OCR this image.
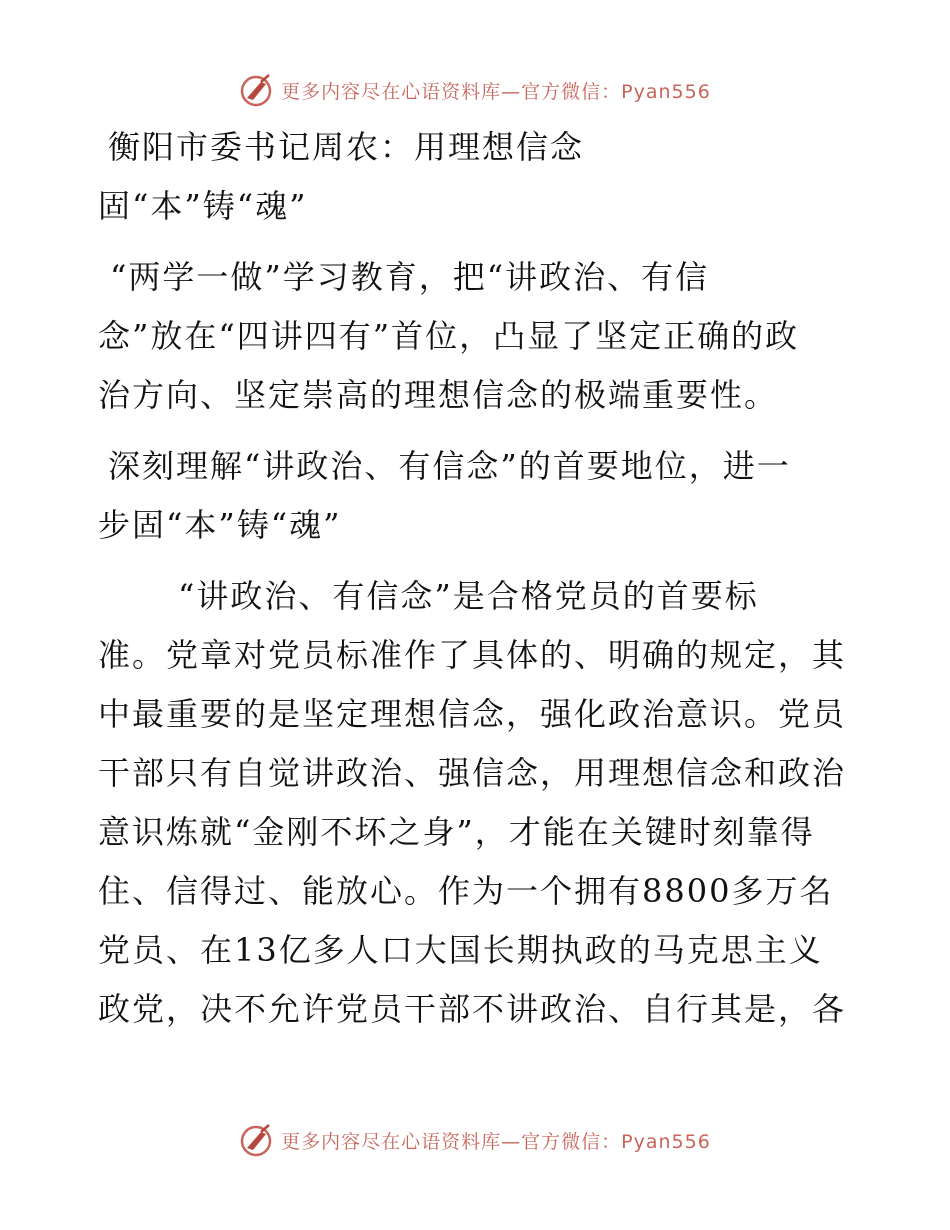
更多内容尽在心语资料库—官方微信：Pyan556
衡阳市委书记周农：用理想信念
固“本”铸“魂”
“两学一做”学习教育，把“讲政治、有信
念”放在“四讲四有”首位，凸显了坚定正确的政
治方向、坚定崇高的理想信念的极端重要性。
深刻理解“讲政治、有信念”的首要地位，进一
步固“本”铸“魂”
“讲政治、有信念”是合格党员的首要标
准。党章对党员标准作了具体的、明确的规定，其
中最重要的是坚定理想信念，强化政治意识。党员
干部只有自觉讲政治、强信念，用理想信念和政治
意识炼就“金刚不坏之身”，才能在关键时刻靠得
住、信得过、能放心。作为一个拥有8800多万名
党员、在13亿多人口大国长期执政的马克思主义
政党，决不允许党员干部不讲政治、自行其是，各
更多内容尽在心语资料库—官方微信：Pyan556
